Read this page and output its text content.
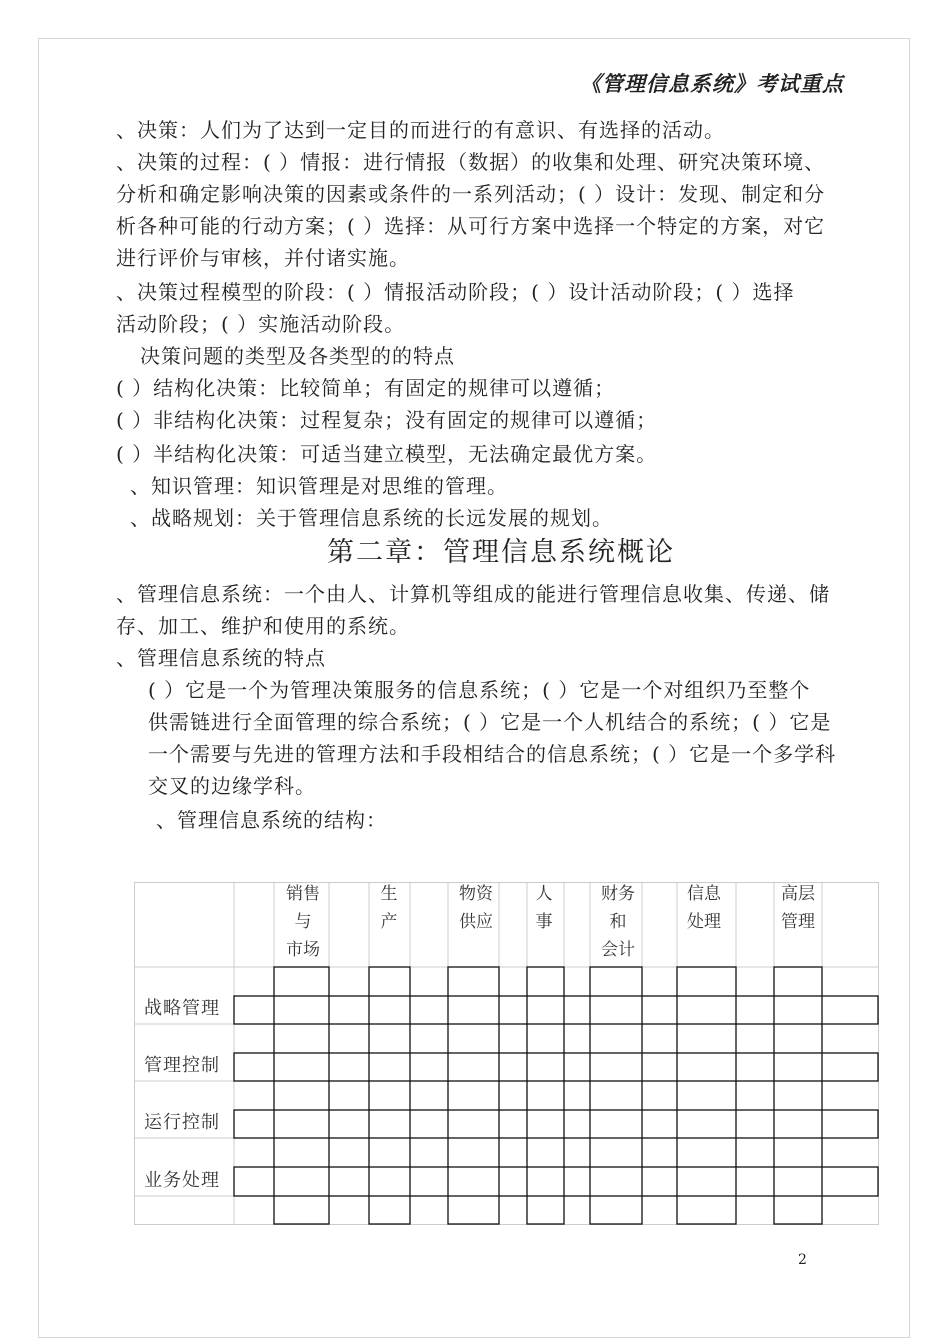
《管理信息系统》考试重点
、决策：人们为了达到一定目的而进行的有意识、有选择的活动。
、决策的过程：( ）情报：进行情报（数据）的收集和处理、研究决策环境、
分析和确定影响决策的因素或条件的一系列活动；( ）设计：发现、制定和分
析各种可能的行动方案；( ）选择：从可行方案中选择一个特定的方案，对它
进行评价与审核，并付诸实施。
、决策过程模型的阶段：( ）情报活动阶段；( ）设计活动阶段；( ）选择
活动阶段；( ）实施活动阶段。
决策问题的类型及各类型的的特点
( ）结构化决策：比较简单；有固定的规律可以遵循；
( ）非结构化决策：过程复杂；没有固定的规律可以遵循；
( ）半结构化决策：可适当建立模型，无法确定最优方案。
、知识管理：知识管理是对思维的管理。
、战略规划：关于管理信息系统的长远发展的规划。
第二章：管理信息系统概论
、管理信息系统：一个由人、计算机等组成的能进行管理信息收集、传递、储
存、加工、维护和使用的系统。
、管理信息系统的特点
( ）它是一个为管理决策服务的信息系统；( ）它是一个对组织乃至整个
供需链进行全面管理的综合系统；( ）它是一个人机结合的系统；( ）它是
一个需要与先进的管理方法和手段相结合的信息系统；( ）它是一个多学科
交叉的边缘学科。
、管理信息系统的结构：
销售
与
市场
生
产
物资
供应
人
事
财务
和
会计
信息
处理
高层
管理
战略管理
管理控制
运行控制
业务处理
2
